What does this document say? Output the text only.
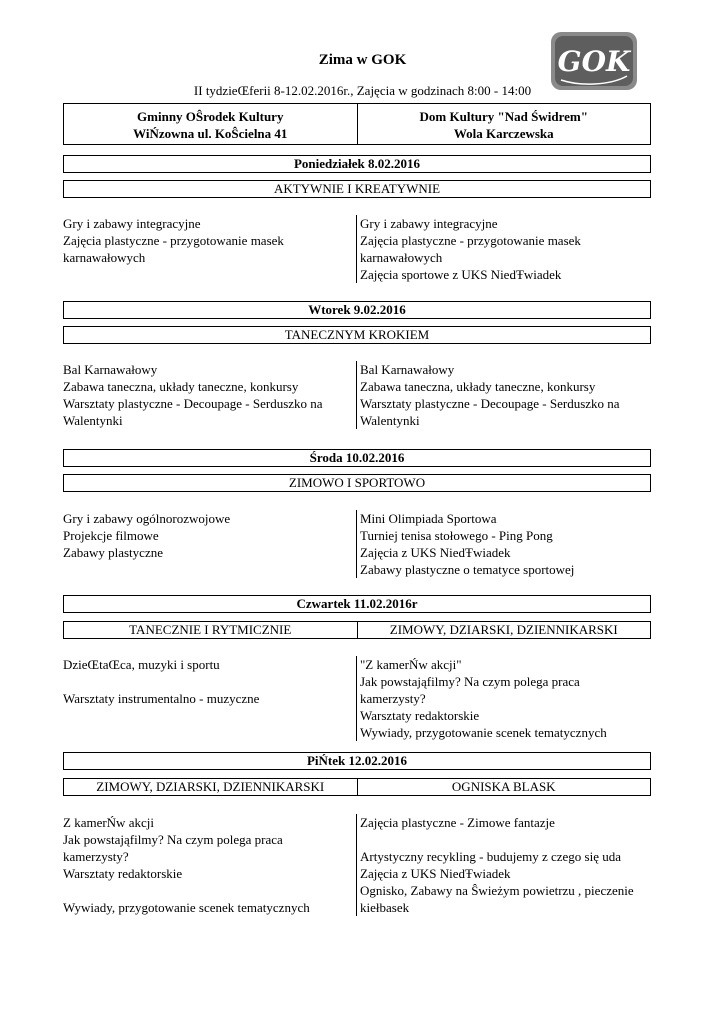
Zima w GOK
II tydzieŒferii 8-12.02.2016r., Zajęcia w godzinach 8:00 - 14:00
GOK
Gminny OŜrodek Kultury
WiŃzowna ul. KoŜcielna 41
Dom Kultury "Nad Świdrem"
Wola Karczewska
Poniedziałek 8.02.2016
AKTYWNIE I KREATYWNIE
Gry i zabawy integracyjne
Zajęcia plastyczne - przygotowanie masek
karnawałowych
Gry i zabawy integracyjne
Zajęcia plastyczne - przygotowanie masek
karnawałowych
Zajęcia sportowe z UKS NiedŦwiadek
Wtorek 9.02.2016
TANECZNYM KROKIEM
Bal Karnawałowy
Zabawa taneczna, układy taneczne, konkursy
Warsztaty plastyczne - Decoupage - Serduszko na
Walentynki
Bal Karnawałowy
Zabawa taneczna, układy taneczne, konkursy
Warsztaty plastyczne - Decoupage - Serduszko na
Walentynki
Środa 10.02.2016
ZIMOWO I SPORTOWO
Gry i zabawy ogólnorozwojowe
Projekcje filmowe
Zabawy plastyczne
Mini Olimpiada Sportowa
Turniej tenisa stołowego - Ping Pong
Zajęcia z UKS NiedŦwiadek
Zabawy plastyczne o tematyce sportowej
Czwartek 11.02.2016r
TANECZNIE I RYTMICZNIE	ZIMOWY, DZIARSKI, DZIENNIKARSKI
DzieŒtaŒca, muzyki i sportu
Warsztaty instrumentalno - muzyczne
"Z kamerŃw akcji"
Jak powstająfilmy? Na czym polega praca
kamerzysty?
Warsztaty redaktorskie
Wywiady, przygotowanie scenek tematycznych
PiŃtek 12.02.2016
ZIMOWY, DZIARSKI, DZIENNIKARSKI	OGNISKA BLASK
Z kamerŃw akcji
Jak powstająfilmy? Na czym polega praca
kamerzysty?
Warsztaty redaktorskie
Wywiady, przygotowanie scenek tematycznych
Zajęcia plastyczne - Zimowe fantazje
Artystyczny recykling - budujemy z czego się uda
Zajęcia z UKS NiedŦwiadek
Ognisko, Zabawy na Ŝwieżym powietrzu , pieczenie
kiełbasek
